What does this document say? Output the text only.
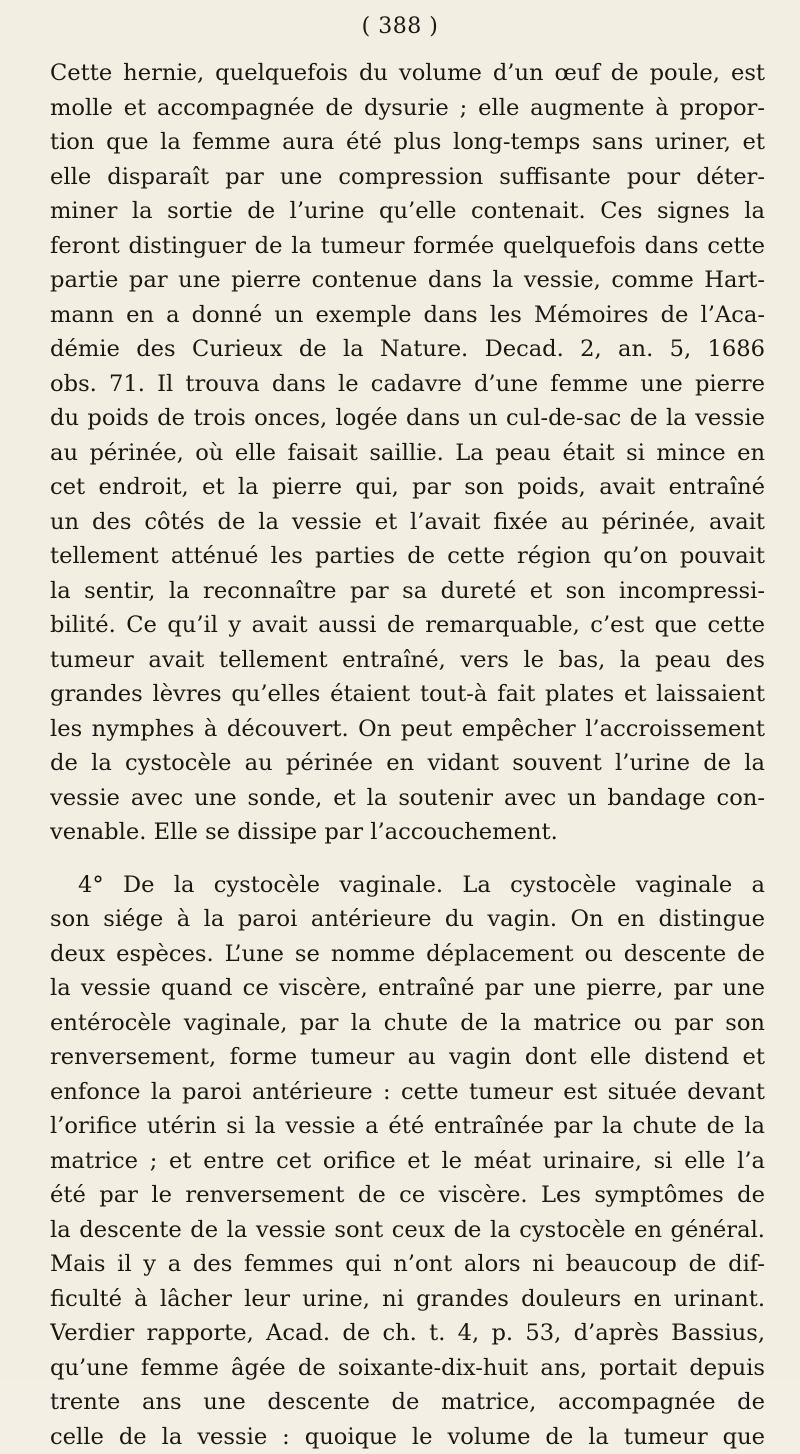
( 388 )
Cette hernie, quelquefois du volume d’un œuf de poule, est
molle et accompagnée de dysurie ; elle augmente à propor-
tion que la femme aura été plus long-temps sans uriner, et
elle disparaît par une compression suffisante pour déter-
miner la sortie de l’urine qu’elle contenait. Ces signes la
feront distinguer de la tumeur formée quelquefois dans cette
partie par une pierre contenue dans la vessie, comme Hart-
mann en a donné un exemple dans les Mémoires de l’Aca-
démie des Curieux de la Nature. Decad. 2, an. 5, 1686
obs. 71. Il trouva dans le cadavre d’une femme une pierre
du poids de trois onces, logée dans un cul-de-sac de la vessie
au périnée, où elle faisait saillie. La peau était si mince en
cet endroit, et la pierre qui, par son poids, avait entraîné
un des côtés de la vessie et l’avait fixée au périnée, avait
tellement atténué les parties de cette région qu’on pouvait
la sentir, la reconnaître par sa dureté et son incompressi-
bilité. Ce qu’il y avait aussi de remarquable, c’est que cette
tumeur avait tellement entraîné, vers le bas, la peau des
grandes lèvres qu’elles étaient tout-à fait plates et laissaient
les nymphes à découvert. On peut empêcher l’accroissement
de la cystocèle au périnée en vidant souvent l’urine de la
vessie avec une sonde, et la soutenir avec un bandage con-
venable. Elle se dissipe par l’accouchement.
4° De la cystocèle vaginale. La cystocèle vaginale a
son siége à la paroi antérieure du vagin. On en distingue
deux espèces. L’une se nomme déplacement ou descente de
la vessie quand ce viscère, entraîné par une pierre, par une
entérocèle vaginale, par la chute de la matrice ou par son
renversement, forme tumeur au vagin dont elle distend et
enfonce la paroi antérieure : cette tumeur est située devant
l’orifice utérin si la vessie a été entraînée par la chute de la
matrice ; et entre cet orifice et le méat urinaire, si elle l’a
été par le renversement de ce viscère. Les symptômes de
la descente de la vessie sont ceux de la cystocèle en général.
Mais il y a des femmes qui n’ont alors ni beaucoup de dif-
ficulté à lâcher leur urine, ni grandes douleurs en urinant.
Verdier rapporte, Acad. de ch. t. 4, p. 53, d’après Bassius,
qu’une femme âgée de soixante-dix-huit ans, portait depuis
trente ans une descente de matrice, accompagnée de
celle de la vessie : quoique le volume de la tumeur que
